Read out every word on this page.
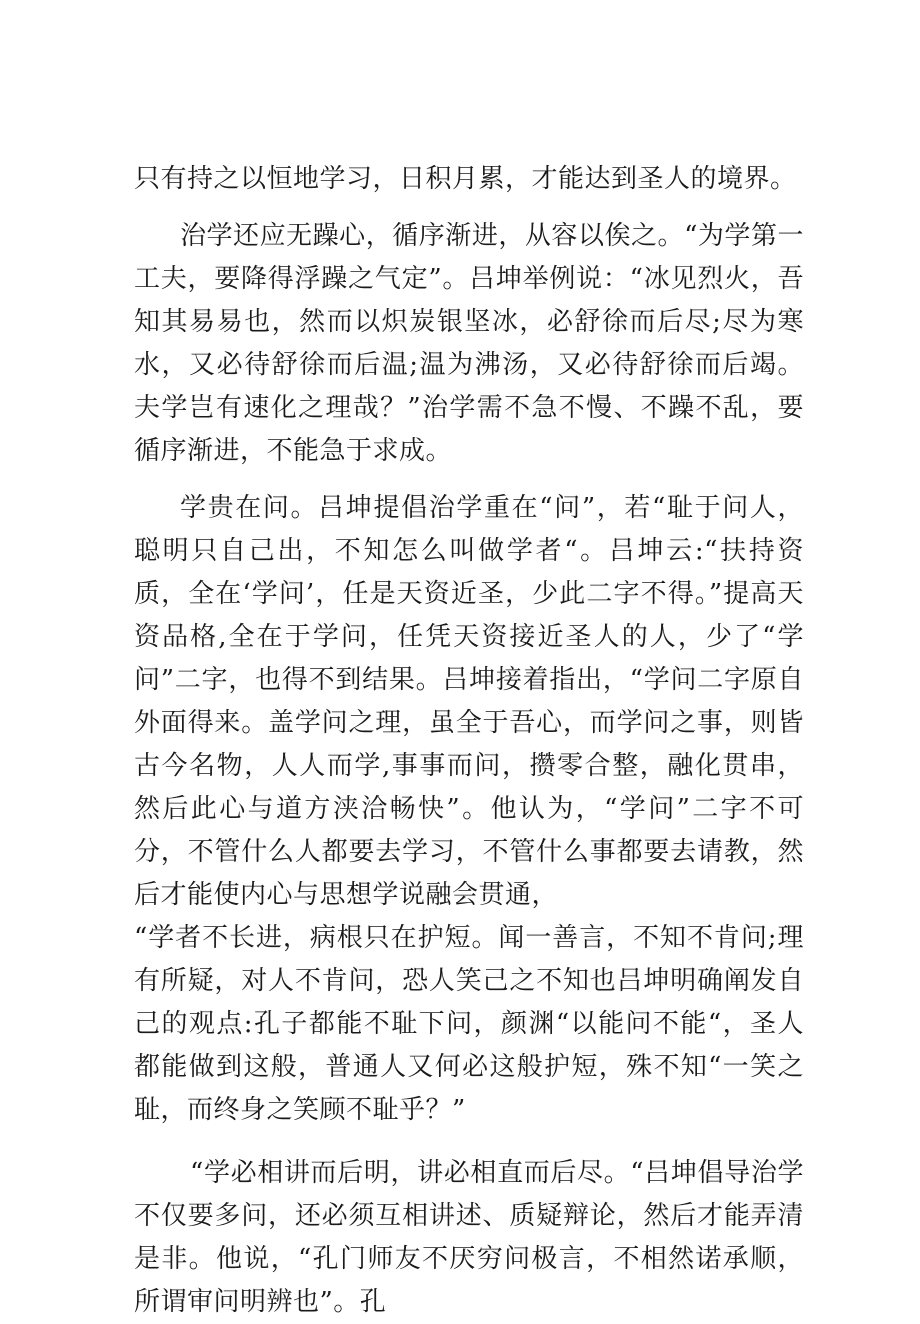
只有持之以恒地学习，日积月累，才能达到圣人的境界。

治学还应无躁心，循序渐进，从容以俟之。“为学第一工夫，要降得浮躁之气定”。吕坤举例说：“冰见烈火，吾知其易易也，然而以炽炭银坚冰，必舒徐而后尽;尽为寒水，又必待舒徐而后温;温为沸汤，又必待舒徐而后竭。夫学岂有速化之理哉？”治学需不急不慢、不躁不乱，要循序渐进，不能急于求成。

学贵在问。吕坤提倡治学重在“问”，若“耻于问人，聪明只自己出，不知怎么叫做学者“。吕坤云:“扶持资质，全在‘学问’，任是天资近圣，少此二字不得。”提高天资品格,全在于学问，任凭天资接近圣人的人，少了“学问”二字，也得不到结果。吕坤接着指出，“学问二字原自外面得来。盖学问之理，虽全于吾心，而学问之事，则皆古今名物，人人而学,事事而问，攒零合整，融化贯串，然后此心与道方浃洽畅快”。他认为，“学问”二字不可分，不管什么人都要去学习，不管什么事都要去请教，然后才能使内心与思想学说融会贯通，

“学者不长进，病根只在护短。闻一善言，不知不肯问;理有所疑，对人不肯问，恐人笑己之不知也吕坤明确阐发自己的观点:孔子都能不耻下问，颜渊“以能问不能“，圣人都能做到这般，普通人又何必这般护短，殊不知“一笑之耻，而终身之笑顾不耻乎？”

“学必相讲而后明，讲必相直而后尽。“吕坤倡导治学不仅要多问，还必须互相讲述、质疑辩论，然后才能弄清是非。他说，“孔门师友不厌穷问极言，不相然诺承顺，所谓审问明辨也”。孔
